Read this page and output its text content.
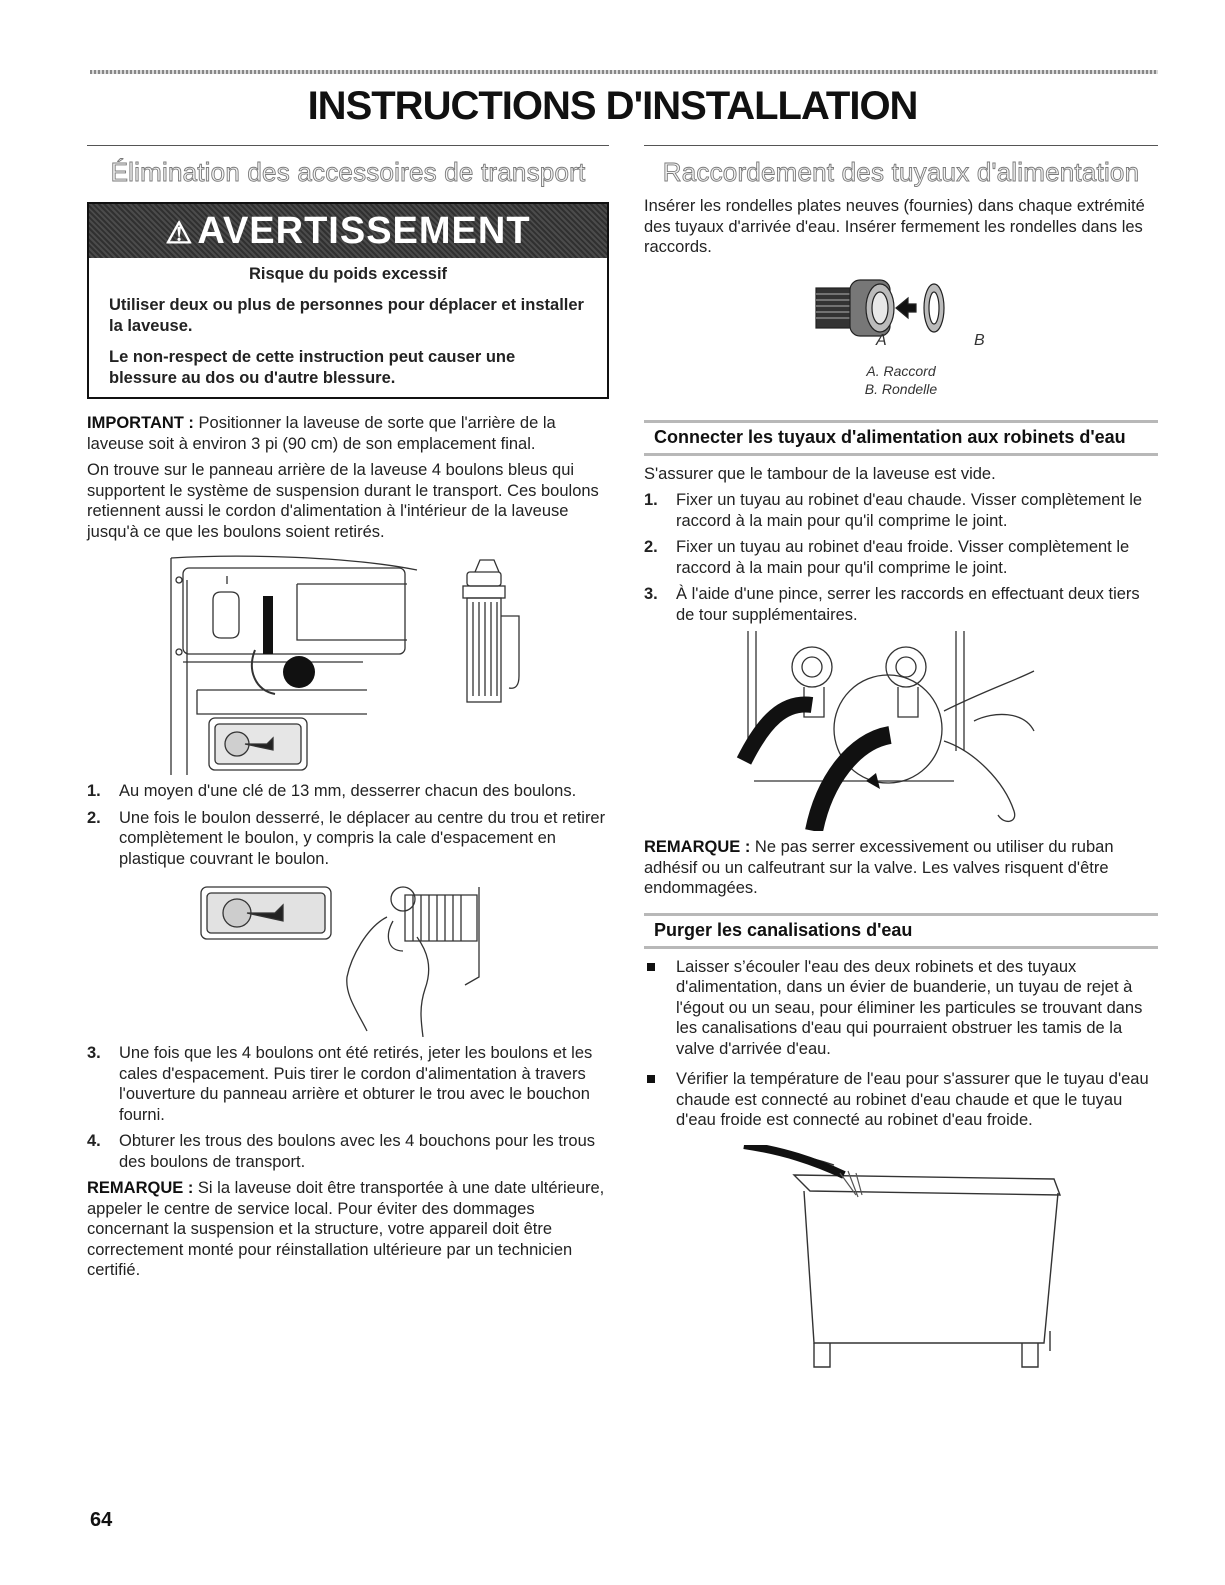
INSTRUCTIONS D'INSTALLATION
Élimination des accessoires de transport
⚠ AVERTISSEMENT
Risque du poids excessif

Utiliser deux ou plus de personnes pour déplacer et installer la laveuse.

Le non-respect de cette instruction peut causer une blessure au dos ou d'autre blessure.

IMPORTANT : Positionner la laveuse de sorte que l'arrière de la laveuse soit à environ 3 pi (90 cm) de son emplacement final.

On trouve sur le panneau arrière de la laveuse 4 boulons bleus qui supportent le système de suspension durant le transport. Ces boulons retiennent aussi le cordon d'alimentation à l'intérieur de la laveuse jusqu'à ce que les boulons soient retirés.

1. Au moyen d'une clé de 13 mm, desserrer chacun des boulons.
2. Une fois le boulon desserré, le déplacer au centre du trou et retirer complètement le boulon, y compris la cale d'espacement en plastique couvrant le boulon.
3. Une fois que les 4 boulons ont été retirés, jeter les boulons et les cales d'espacement. Puis tirer le cordon d'alimentation à travers l'ouverture du panneau arrière et obturer le trou avec le bouchon fourni.
4. Obturer les trous des boulons avec les 4 bouchons pour les trous des boulons de transport.

REMARQUE : Si la laveuse doit être transportée à une date ultérieure, appeler le centre de service local. Pour éviter des dommages concernant la suspension et la structure, votre appareil doit être correctement monté pour réinstallation ultérieure par un technicien certifié.

Raccordement des tuyaux d'alimentation

Insérer les rondelles plates neuves (fournies) dans chaque extrémité des tuyaux d'arrivée d'eau. Insérer fermement les rondelles dans les raccords.

A	B
A. Raccord
B. Rondelle
Connecter les tuyaux d'alimentation aux robinets d'eau

S'assurer que le tambour de la laveuse est vide.

1. Fixer un tuyau au robinet d'eau chaude. Visser complètement le raccord à la main pour qu'il comprime le joint.
2. Fixer un tuyau au robinet d'eau froide. Visser complètement le raccord à la main pour qu'il comprime le joint.
3. À l'aide d'une pince, serrer les raccords en effectuant deux tiers de tour supplémentaires.

REMARQUE : Ne pas serrer excessivement ou utiliser du ruban adhésif ou un calfeutrant sur la valve. Les valves risquent d'être endommagées.

Purger les canalisations d'eau
Laisser s’écouler l'eau des deux robinets et des tuyaux d'alimentation, dans un évier de buanderie, un tuyau de rejet à l'égout ou un seau, pour éliminer les particules se trouvant dans les canalisations d'eau qui pourraient obstruer les tamis de la valve d'arrivée d'eau.
Vérifier la température de l'eau pour s'assurer que le tuyau d'eau chaude est connecté au robinet d'eau chaude et que le tuyau d'eau froide est connecté au robinet d'eau froide.
64
